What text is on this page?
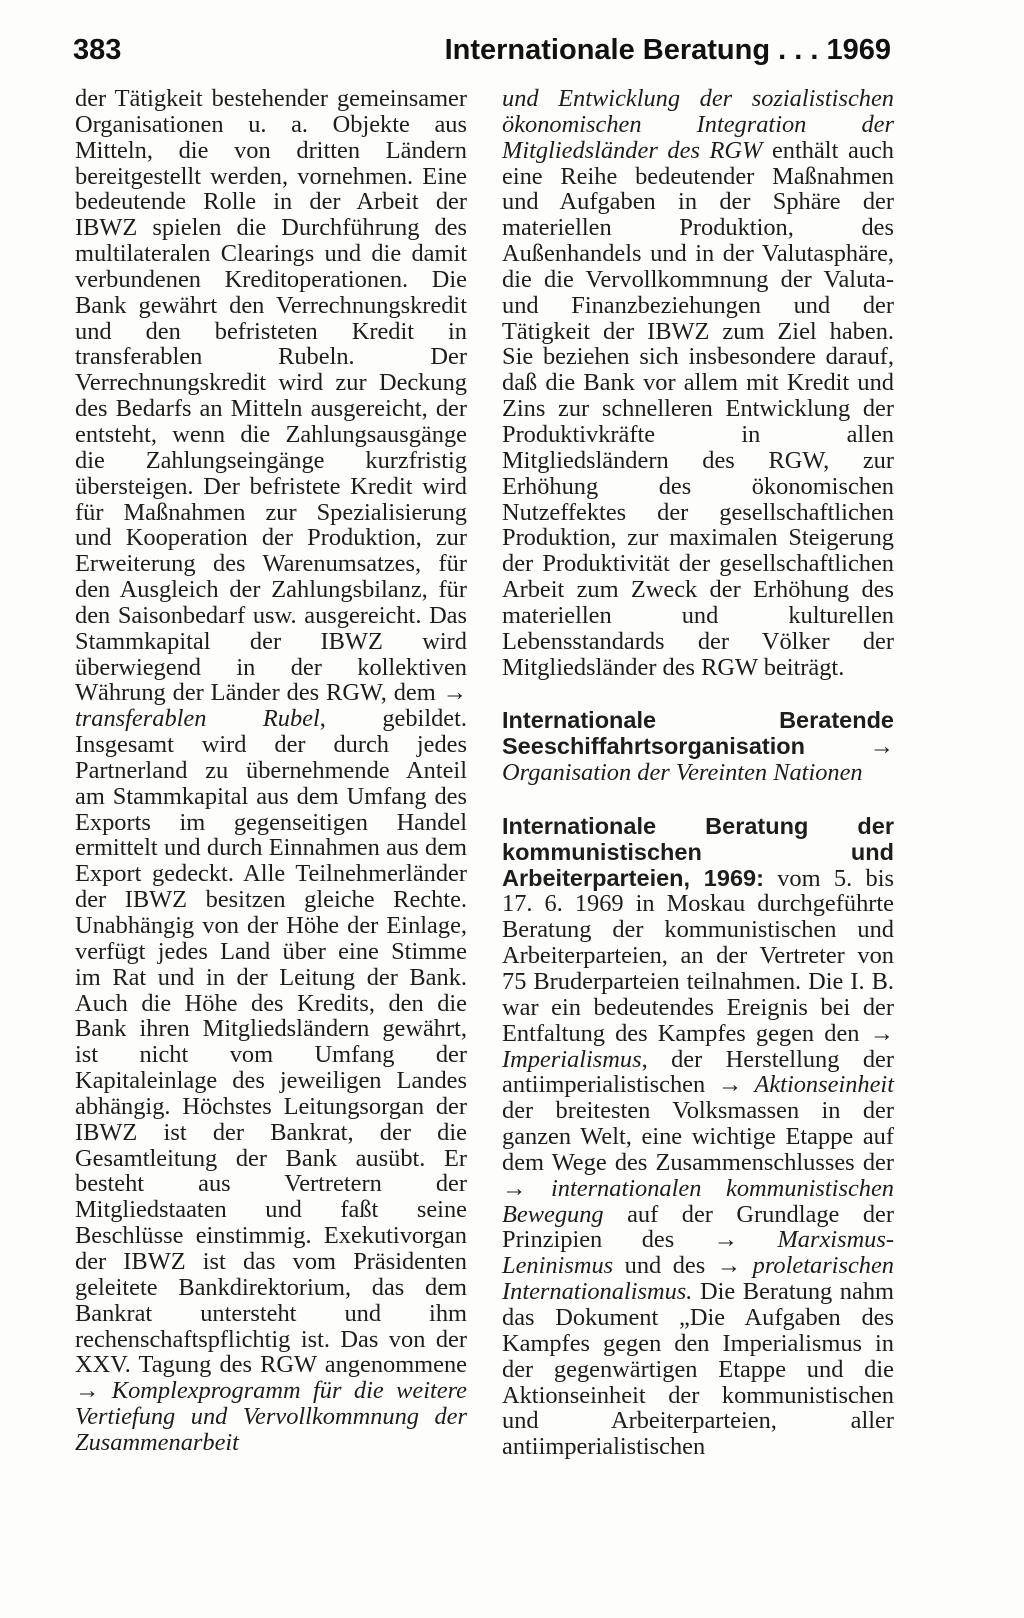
383	Internationale Beratung . . . 1969

der Tätigkeit bestehender gemeinsamer Organisationen u. a. Objekte aus Mitteln, die von dritten Ländern bereitgestellt werden, vornehmen. Eine bedeutende Rolle in der Arbeit der IBWZ spielen die Durchführung des multilateralen Clearings und die damit verbundenen Kreditoperationen. Die Bank gewährt den Verrechnungskredit und den befristeten Kredit in transferablen Rubeln. Der Verrechnungskredit wird zur Deckung des Bedarfs an Mitteln ausgereicht, der entsteht, wenn die Zahlungsausgänge die Zahlungseingänge kurzfristig übersteigen. Der befristete Kredit wird für Maßnahmen zur Spezialisierung und Kooperation der Produktion, zur Erweiterung des Warenumsatzes, für den Ausgleich der Zahlungsbilanz, für den Saisonbedarf usw. ausgereicht. Das Stammkapital der IBWZ wird überwiegend in der kollektiven Währung der Länder des RGW, dem → transferablen Rubel, gebildet. Insgesamt wird der durch jedes Partnerland zu übernehmende Anteil am Stammkapital aus dem Umfang des Exports im gegenseitigen Handel ermittelt und durch Einnahmen aus dem Export gedeckt. Alle Teilnehmerländer der IBWZ besitzen gleiche Rechte. Unabhängig von der Höhe der Einlage, verfügt jedes Land über eine Stimme im Rat und in der Leitung der Bank. Auch die Höhe des Kredits, den die Bank ihren Mitgliedsländern gewährt, ist nicht vom Umfang der Kapitaleinlage des jeweiligen Landes abhängig. Höchstes Leitungsorgan der IBWZ ist der Bankrat, der die Gesamtleitung der Bank ausübt. Er besteht aus Vertretern der Mitgliedstaaten und faßt seine Beschlüsse einstimmig. Exekutivorgan der IBWZ ist das vom Präsidenten geleitete Bankdirektorium, das dem Bankrat untersteht und ihm rechenschaftspflichtig ist. Das von der XXV. Tagung des RGW angenommene → Komplexprogramm für die weitere Vertiefung und Vervollkommnung der Zusammenarbeit

und Entwicklung der sozialistischen ökonomischen Integration der Mitgliedsländer des RGW enthält auch eine Reihe bedeutender Maßnahmen und Aufgaben in der Sphäre der materiellen Produktion, des Außenhandels und in der Valutasphäre, die die Vervollkommnung der Valuta- und Finanzbeziehungen und der Tätigkeit der IBWZ zum Ziel haben. Sie beziehen sich insbesondere darauf, daß die Bank vor allem mit Kredit und Zins zur schnelleren Entwicklung der Produktivkräfte in allen Mitgliedsländern des RGW, zur Erhöhung des ökonomischen Nutzeffektes der gesellschaftlichen Produktion, zur maximalen Steigerung der Produktivität der gesellschaftlichen Arbeit zum Zweck der Erhöhung des materiellen und kulturellen Lebensstandards der Völker der Mitgliedsländer des RGW beiträgt.

Internationale Beratende Seeschiffahrtsorganisation → Organisation der Vereinten Nationen

Internationale Beratung der kommunistischen und Arbeiterparteien, 1969: vom 5. bis 17. 6. 1969 in Moskau durchgeführte Beratung der kommunistischen und Arbeiterparteien, an der Vertreter von 75 Bruderparteien teilnahmen. Die I. B. war ein bedeutendes Ereignis bei der Entfaltung des Kampfes gegen den → Imperialismus, der Herstellung der antiimperialistischen → Aktionseinheit der breitesten Volksmassen in der ganzen Welt, eine wichtige Etappe auf dem Wege des Zusammenschlusses der → internationalen kommunistischen Bewegung auf der Grundlage der Prinzipien des → Marxismus-Leninismus und des → proletarischen Internationalismus. Die Beratung nahm das Dokument „Die Aufgaben des Kampfes gegen den Imperialismus in der gegenwärtigen Etappe und die Aktionseinheit der kommunistischen und Arbeiterparteien, aller antiimperialistischen
